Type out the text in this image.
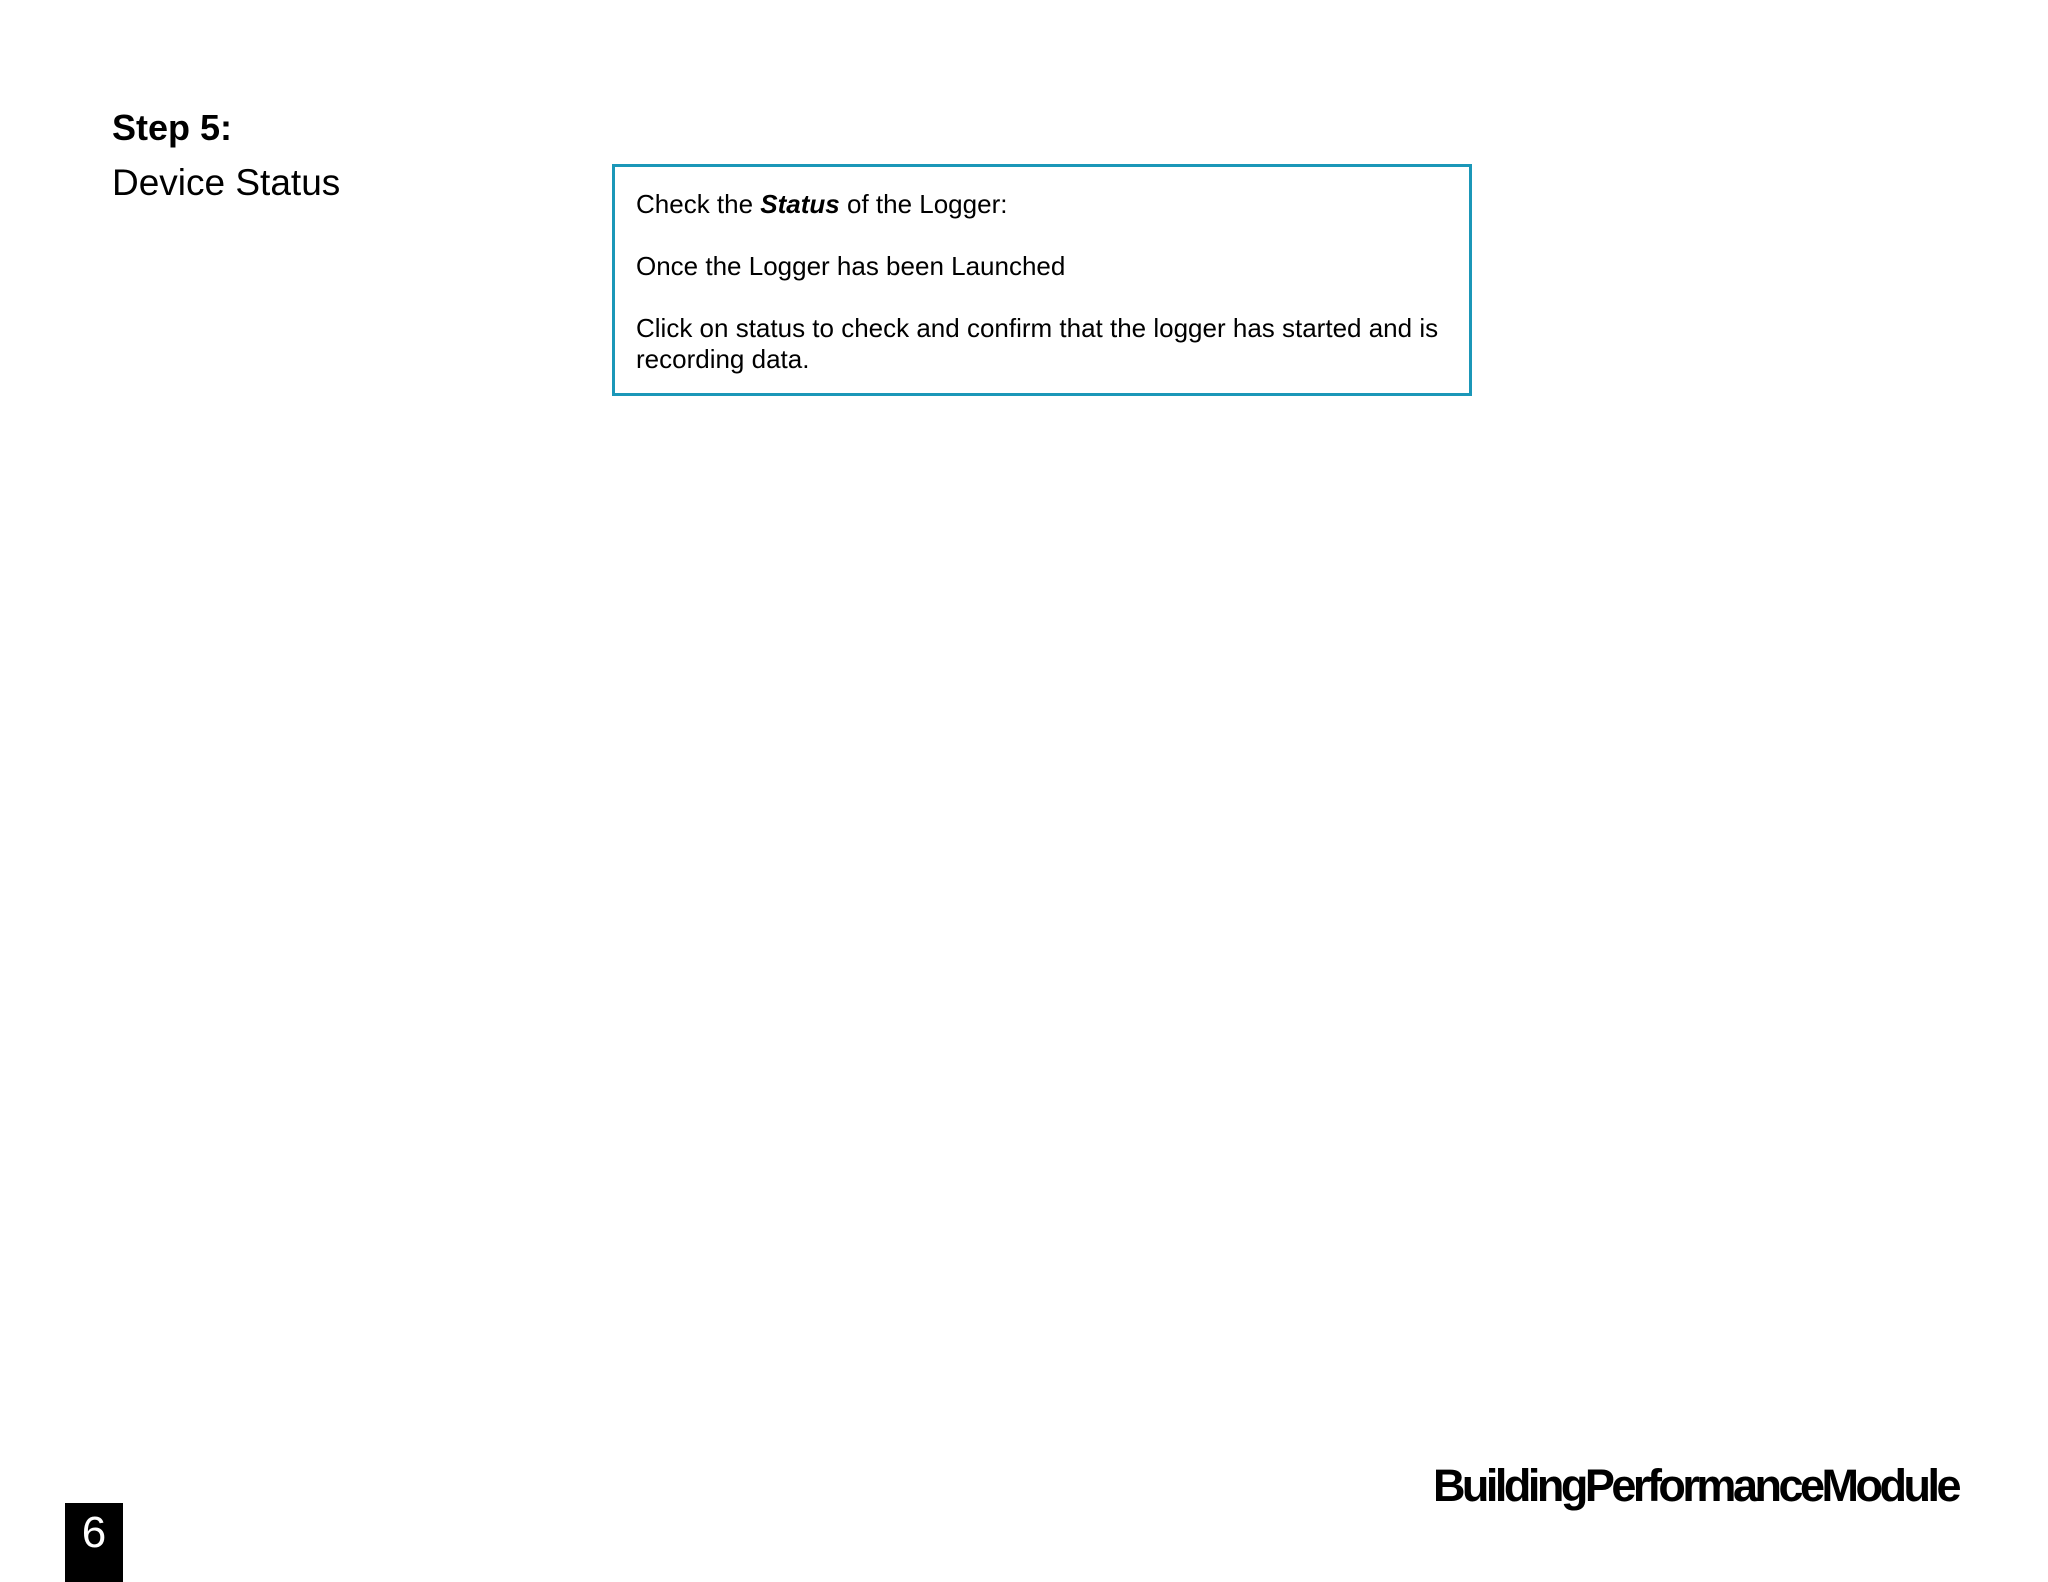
Step 5:
Device Status

Check the Status of the Logger:

Once the Logger has been Launched

Click on status to check and confirm that the logger has started and is recording data.

BuildingPerformanceModule
6
